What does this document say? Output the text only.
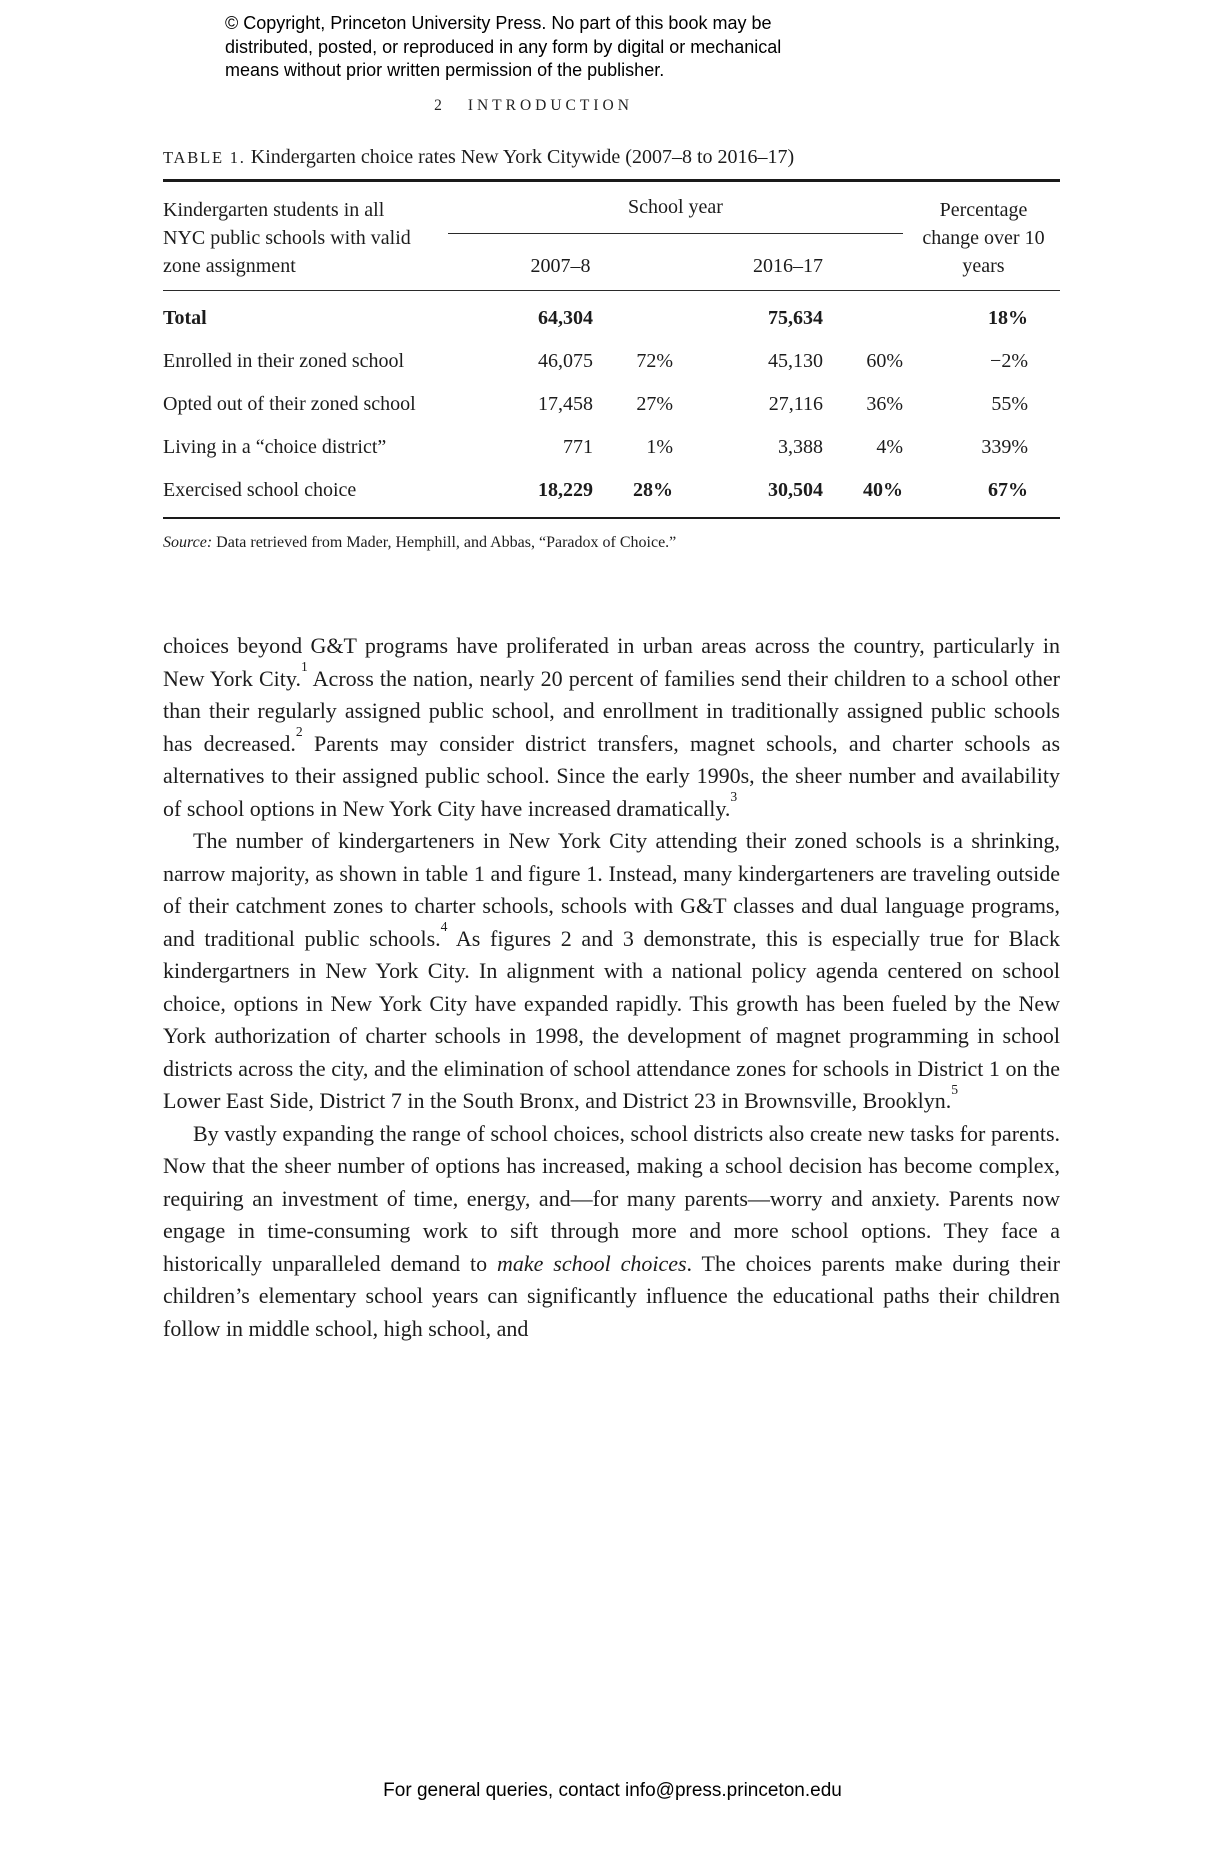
© Copyright, Princeton University Press. No part of this book may be
distributed, posted, or reproduced in any form by digital or mechanical
means without prior written permission of the publisher.
2 INTRODUCTION

TABLE 1. Kindergarten choice rates New York Citywide (2007–8 to 2016–17)

Kindergarten students in all NYC public schools with valid zone assignment	School year				Percentage change over 10 years
	2007–8		2016–17		
Total	64,304		75,634		18%
Enrolled in their zoned school	46,075	72%	45,130	60%	−2%
Opted out of their zoned school	17,458	27%	27,116	36%	55%
Living in a “choice district”	771	1%	3,388	4%	339%
Exercised school choice	18,229	28%	30,504	40%	67%

Source: Data retrieved from Mader, Hemphill, and Abbas, “Paradox of Choice.”

choices beyond G&T programs have proliferated in urban areas across the country, particularly in New York City.$^1$ Across the nation, nearly 20 percent of families send their children to a school other than their regularly assigned public school, and enrollment in traditionally assigned public schools has decreased.$^2$ Parents may consider district transfers, magnet schools, and charter schools as alternatives to their assigned public school. Since the early 1990s, the sheer number and availability of school options in New York City have increased dramatically.$^3$

The number of kindergarteners in New York City attending their zoned schools is a shrinking, narrow majority, as shown in table 1 and figure 1. Instead, many kindergarteners are traveling outside of their catchment zones to charter schools, schools with G&T classes and dual language programs, and traditional public schools.$^4$ As figures 2 and 3 demonstrate, this is especially true for Black kindergartners in New York City. In alignment with a national policy agenda centered on school choice, options in New York City have expanded rapidly. This growth has been fueled by the New York authorization of charter schools in 1998, the development of magnet programming in school districts across the city, and the elimination of school attendance zones for schools in District 1 on the Lower East Side, District 7 in the South Bronx, and District 23 in Brownsville, Brooklyn.$^5$

By vastly expanding the range of school choices, school districts also create new tasks for parents. Now that the sheer number of options has increased, making a school decision has become complex, requiring an investment of time, energy, and—for many parents—worry and anxiety. Parents now engage in time-consuming work to sift through more and more school options. They face a historically unparalleled demand to make school choices. The choices parents make during their children’s elementary school years can significantly influence the educational paths their children follow in middle school, high school, and

For general queries, contact info@press.princeton.edu
